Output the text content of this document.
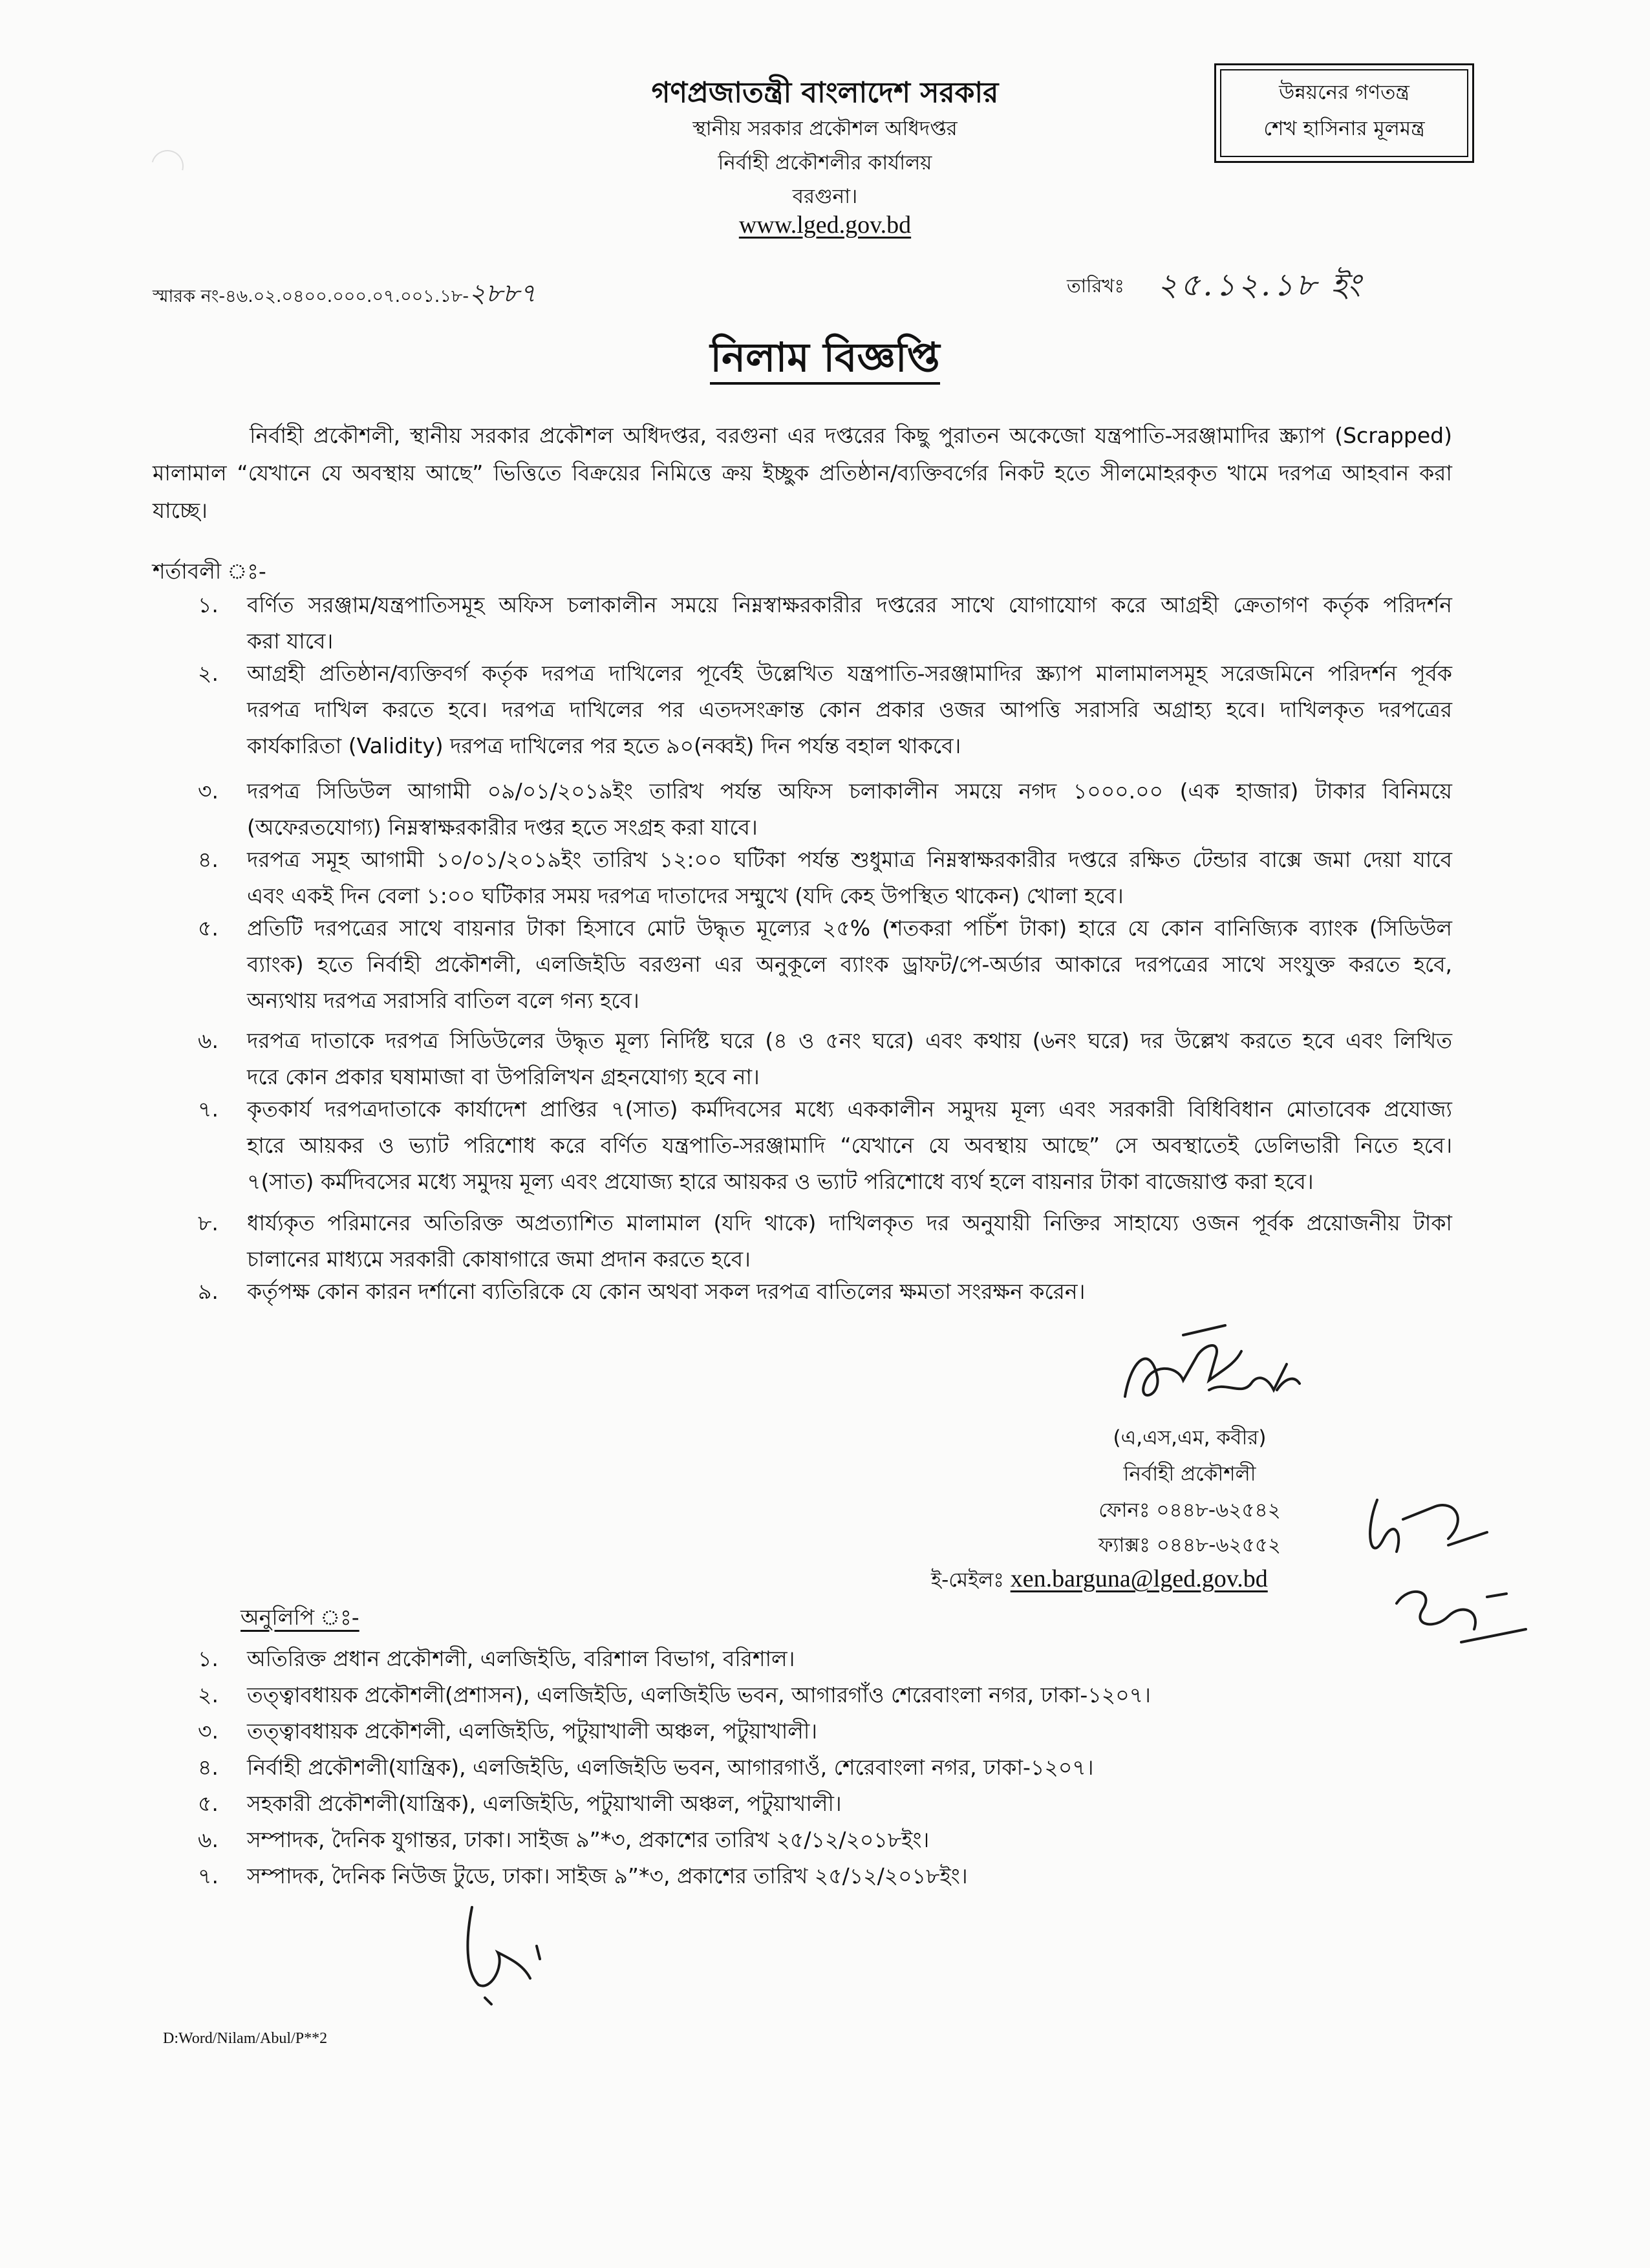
গণপ্রজাতন্ত্রী বাংলাদেশ সরকার
স্থানীয় সরকার প্রকৌশল অধিদপ্তর
নির্বাহী প্রকৌশলীর কার্যালয়
বরগুনা।
www.lged.gov.bd
উন্নয়নের গণতন্ত্র
শেখ হাসিনার মূলমন্ত্র
স্মারক নং-৪৬.০২.০৪০০.০০০.০৭.০০১.১৮-২৮৮৭	তারিখঃ ২৫.১২.১৮ ইং
নিলাম বিজ্ঞপ্তি
নির্বাহী প্রকৌশলী, স্থানীয় সরকার প্রকৌশল অধিদপ্তর, বরগুনা এর দপ্তরের কিছু পুরাতন অকেজো যন্ত্রপাতি-সরঞ্জামাদির স্ক্র্যাপ (Scrapped) মালামাল “যেখানে যে অবস্থায় আছে” ভিত্তিতে বিক্রয়ের নিমিত্তে ক্রয় ইচ্ছুক প্রতিষ্ঠান/ব্যক্তিবর্গের নিকট হতে সীলমোহরকৃত খামে দরপত্র আহবান করা যাচ্ছে।
শর্তাবলী ঃ-
১.	বর্ণিত সরঞ্জাম/যন্ত্রপাতিসমূহ অফিস চলাকালীন সময়ে নিম্নস্বাক্ষরকারীর দপ্তরের সাথে যোগাযোগ করে আগ্রহী ক্রেতাগণ কর্তৃক পরিদর্শন
করা যাবে।
২.	আগ্রহী প্রতিষ্ঠান/ব্যক্তিবর্গ কর্তৃক দরপত্র দাখিলের পূর্বেই উল্লেখিত যন্ত্রপাতি-সরঞ্জামাদির স্ক্র্যাপ মালামালসমূহ সরেজমিনে পরিদর্শন পূর্বক
দরপত্র দাখিল করতে হবে। দরপত্র দাখিলের পর এতদসংক্রান্ত কোন প্রকার ওজর আপত্তি সরাসরি অগ্রাহ্য হবে। দাখিলকৃত দরপত্রের
কার্যকারিতা (Validity) দরপত্র দাখিলের পর হতে ৯০(নব্বই) দিন পর্যন্ত বহাল থাকবে।
৩.	দরপত্র সিডিউল আগামী ০৯/০১/২০১৯ইং তারিখ পর্যন্ত অফিস চলাকালীন সময়ে নগদ ১০০০.০০ (এক হাজার) টাকার বিনিময়ে
(অফেরতযোগ্য) নিম্নস্বাক্ষরকারীর দপ্তর হতে সংগ্রহ করা যাবে।
৪.	দরপত্র সমূহ আগামী ১০/০১/২০১৯ইং তারিখ ১২:০০ ঘটিকা পর্যন্ত শুধুমাত্র নিম্নস্বাক্ষরকারীর দপ্তরে রক্ষিত টেন্ডার বাক্সে জমা দেয়া যাবে
এবং একই দিন বেলা ১:০০ ঘটিকার সময় দরপত্র দাতাদের সম্মুখে (যদি কেহ উপস্থিত থাকেন) খোলা হবে।
৫.	প্রতিটি দরপত্রের সাথে বায়নার টাকা হিসাবে মোট উদ্ধৃত মূল্যের ২৫% (শতকরা পচিঁশ টাকা) হারে যে কোন বানিজ্যিক ব্যাংক (সিডিউল
ব্যাংক) হতে নির্বাহী প্রকৌশলী, এলজিইডি বরগুনা এর অনুকূলে ব্যাংক ড্রাফট/পে-অর্ডার আকারে দরপত্রের সাথে সংযুক্ত করতে হবে,
অন্যথায় দরপত্র সরাসরি বাতিল বলে গন্য হবে।
৬.	দরপত্র দাতাকে দরপত্র সিডিউলের উদ্ধৃত মূল্য নির্দিষ্ট ঘরে (৪ ও ৫নং ঘরে) এবং কথায় (৬নং ঘরে) দর উল্লেখ করতে হবে এবং লিখিত
দরে কোন প্রকার ঘষামাজা বা উপরিলিখন গ্রহনযোগ্য হবে না।
৭.	কৃতকার্য দরপত্রদাতাকে কার্যাদেশ প্রাপ্তির ৭(সাত) কর্মদিবসের মধ্যে এককালীন সমুদয় মূল্য এবং সরকারী বিধিবিধান মোতাবেক প্রযোজ্য
হারে আয়কর ও ভ্যাট পরিশোধ করে বর্ণিত যন্ত্রপাতি-সরঞ্জামাদি “যেখানে যে অবস্থায় আছে” সে অবস্থাতেই ডেলিভারী নিতে হবে।
৭(সাত) কর্মদিবসের মধ্যে সমুদয় মূল্য এবং প্রযোজ্য হারে আয়কর ও ভ্যাট পরিশোধে ব্যর্থ হলে বায়নার টাকা বাজেয়াপ্ত করা হবে।
৮.	ধার্য্যকৃত পরিমানের অতিরিক্ত অপ্রত্যাশিত মালামাল (যদি থাকে) দাখিলকৃত দর অনুযায়ী নিক্তির সাহায্যে ওজন পূর্বক প্রয়োজনীয় টাকা
চালানের মাধ্যমে সরকারী কোষাগারে জমা প্রদান করতে হবে।
৯.	কর্তৃপক্ষ কোন কারন দর্শানো ব্যতিরিকে যে কোন অথবা সকল দরপত্র বাতিলের ক্ষমতা সংরক্ষন করেন।
(এ,এস,এম, কবীর)
নির্বাহী প্রকৌশলী
ফোনঃ ০৪৪৮-৬২৫৪২
ফ্যাক্সঃ ০৪৪৮-৬২৫৫২
ই-মেইলঃ xen.barguna@lged.gov.bd
অনুলিপি ঃ-
১.	অতিরিক্ত প্রধান প্রকৌশলী, এলজিইডি, বরিশাল বিভাগ, বরিশাল।
২.	তত্ত্বাবধায়ক প্রকৌশলী(প্রশাসন), এলজিইডি, এলজিইডি ভবন, আগারগাঁও শেরেবাংলা নগর, ঢাকা-১২০৭।
৩.	তত্ত্বাবধায়ক প্রকৌশলী, এলজিইডি, পটুয়াখালী অঞ্চল, পটুয়াখালী।
৪.	নির্বাহী প্রকৌশলী(যান্ত্রিক), এলজিইডি, এলজিইডি ভবন, আগারগাওঁ, শেরেবাংলা নগর, ঢাকা-১২০৭।
৫.	সহকারী প্রকৌশলী(যান্ত্রিক), এলজিইডি, পটুয়াখালী অঞ্চল, পটুয়াখালী।
৬.	সম্পাদক, দৈনিক যুগান্তর, ঢাকা। সাইজ ৯”*৩, প্রকাশের তারিখ ২৫/১২/২০১৮ইং।
৭.	সম্পাদক, দৈনিক নিউজ টুডে, ঢাকা। সাইজ ৯”*৩, প্রকাশের তারিখ ২৫/১২/২০১৮ইং।
D:Word/Nilam/Abul/P**2
